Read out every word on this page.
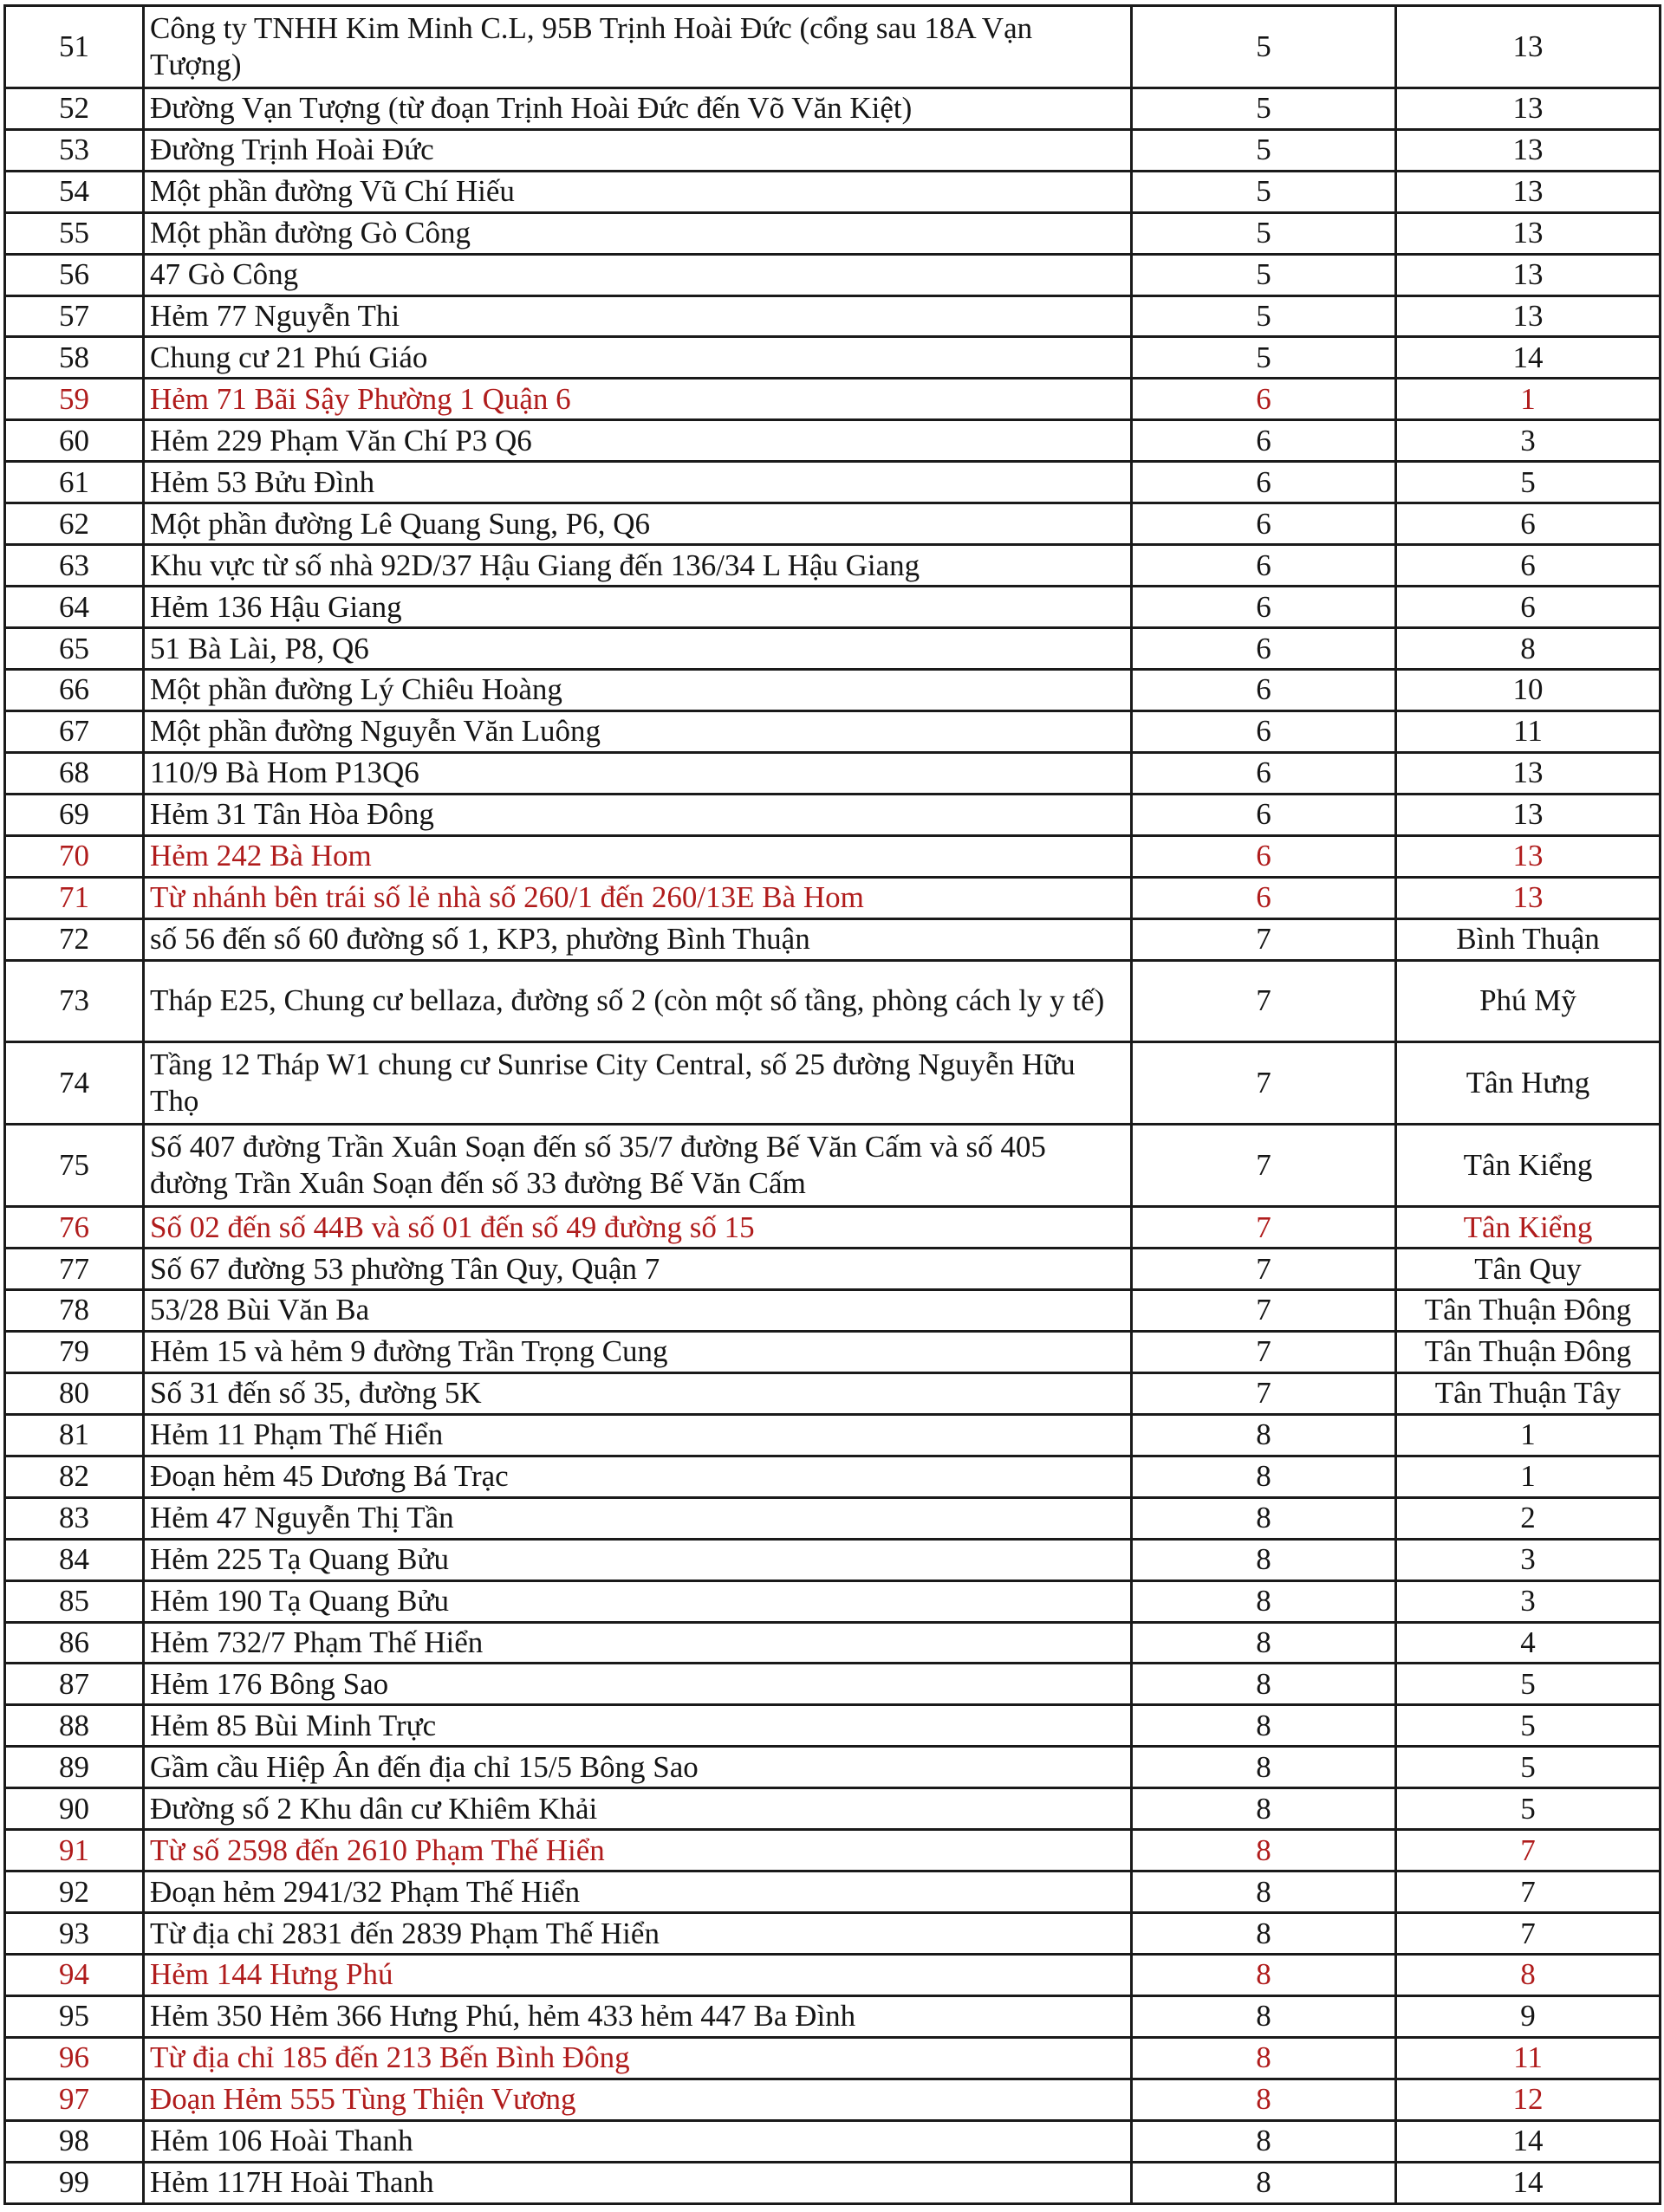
51	Công ty TNHH Kim Minh C.L, 95B Trịnh Hoài Đức (cổng sau 18A Vạn Tượng)	5	13
52	Đường Vạn Tượng (từ đoạn Trịnh Hoài Đức đến Võ Văn Kiệt)	5	13
53	Đường Trịnh Hoài Đức	5	13
54	Một phần đường Vũ Chí Hiếu	5	13
55	Một phần đường Gò Công	5	13
56	47 Gò Công	5	13
57	Hẻm 77 Nguyễn Thi	5	13
58	Chung cư 21 Phú Giáo	5	14
59	Hẻm 71 Bãi Sậy Phường 1 Quận 6	6	1
60	Hẻm 229 Phạm Văn Chí P3 Q6	6	3
61	Hẻm 53 Bửu Đình	6	5
62	Một phần đường Lê Quang Sung, P6, Q6	6	6
63	Khu vực từ số nhà 92D/37 Hậu Giang đến 136/34 L Hậu Giang	6	6
64	Hẻm 136 Hậu Giang	6	6
65	51 Bà Lài, P8, Q6	6	8
66	Một phần đường Lý Chiêu Hoàng	6	10
67	Một phần đường Nguyễn Văn Luông	6	11
68	110/9 Bà Hom P13Q6	6	13
69	Hẻm 31 Tân Hòa Đông	6	13
70	Hẻm 242 Bà Hom	6	13
71	Từ nhánh bên trái số lẻ nhà số 260/1 đến 260/13E Bà Hom	6	13
72	số 56 đến số 60 đường số 1, KP3, phường Bình Thuận	7	Bình Thuận
73	Tháp E25, Chung cư bellaza, đường số 2 (còn một số tầng, phòng cách ly y tế)	7	Phú Mỹ
74	Tầng 12 Tháp W1 chung cư Sunrise City Central, số 25 đường Nguyễn Hữu Thọ	7	Tân Hưng
75	Số 407 đường Trần Xuân Soạn đến số 35/7 đường Bế Văn Cấm và số 405 đường Trần Xuân Soạn đến số 33 đường Bế Văn Cấm	7	Tân Kiểng
76	Số 02 đến số 44B và số 01 đến số 49 đường số 15	7	Tân Kiểng
77	Số 67 đường 53 phường Tân Quy, Quận 7	7	Tân Quy
78	53/28 Bùi Văn Ba	7	Tân Thuận Đông
79	Hẻm 15 và hẻm 9 đường Trần Trọng Cung	7	Tân Thuận Đông
80	Số 31 đến số 35, đường 5K	7	Tân Thuận Tây
81	Hẻm 11 Phạm Thế Hiển	8	1
82	Đoạn hẻm 45 Dương Bá Trạc	8	1
83	Hẻm 47 Nguyễn Thị Tần	8	2
84	Hẻm 225 Tạ Quang Bửu	8	3
85	Hẻm 190 Tạ Quang Bửu	8	3
86	Hẻm 732/7 Phạm Thế Hiển	8	4
87	Hẻm 176 Bông Sao	8	5
88	Hẻm 85 Bùi Minh Trực	8	5
89	Gầm cầu Hiệp Ân đến địa chỉ 15/5 Bông Sao	8	5
90	Đường số 2 Khu dân cư Khiêm Khải	8	5
91	Từ số 2598 đến 2610 Phạm Thế Hiển	8	7
92	Đoạn hẻm 2941/32 Phạm Thế Hiển	8	7
93	Từ địa chỉ 2831 đến 2839 Phạm Thế Hiển	8	7
94	Hẻm 144 Hưng Phú	8	8
95	Hẻm 350 Hẻm 366 Hưng Phú, hẻm 433 hẻm 447 Ba Đình	8	9
96	Từ địa chỉ 185 đến 213 Bến Bình Đông	8	11
97	Đoạn Hẻm 555 Tùng Thiện Vương	8	12
98	Hẻm 106 Hoài Thanh	8	14
99	Hẻm 117H Hoài Thanh	8	14
